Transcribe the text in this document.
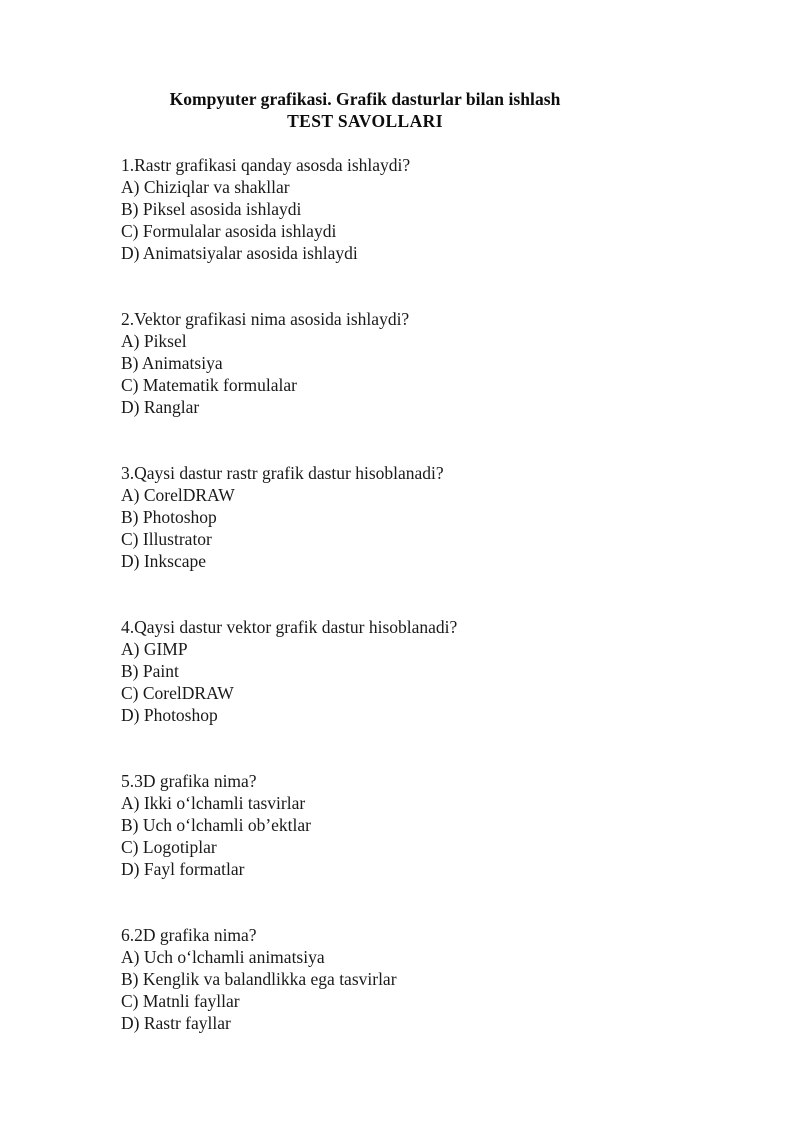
Kompyuter grafikasi. Grafik dasturlar bilan ishlash
TEST SAVOLLARI
1.Rastr grafikasi qanday asosda ishlaydi?
A) Chiziqlar va shakllar
B) Piksel asosida ishlaydi
C) Formulalar asosida ishlaydi
D) Animatsiyalar asosida ishlaydi
2.Vektor grafikasi nima asosida ishlaydi?
A) Piksel
B) Animatsiya
C) Matematik formulalar
D) Ranglar
3.Qaysi dastur rastr grafik dastur hisoblanadi?
A) CorelDRAW
B) Photoshop
C) Illustrator
D) Inkscape
4.Qaysi dastur vektor grafik dastur hisoblanadi?
A) GIMP
B) Paint
C) CorelDRAW
D) Photoshop
5.3D grafika nima?
A) Ikki o‘lchamli tasvirlar
B) Uch o‘lchamli ob’ektlar
C) Logotiplar
D) Fayl formatlar
6.2D grafika nima?
A) Uch o‘lchamli animatsiya
B) Kenglik va balandlikka ega tasvirlar
C) Matnli fayllar
D) Rastr fayllar
